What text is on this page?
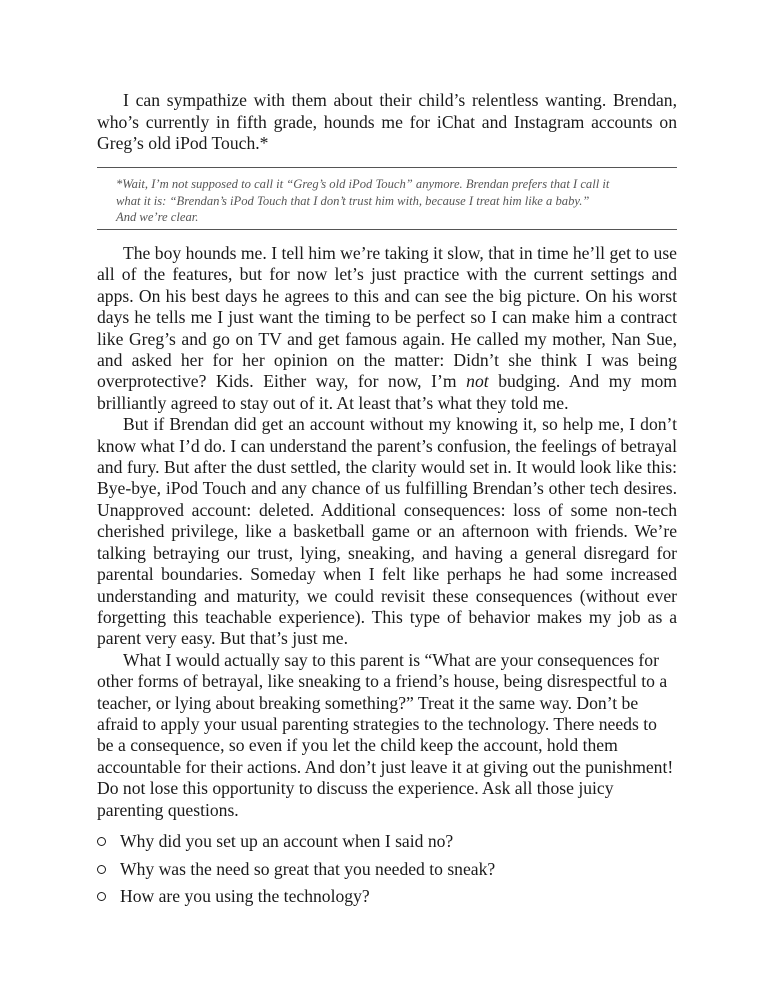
I can sympathize with them about their child’s relentless wanting. Brendan, who’s currently in fifth grade, hounds me for iChat and Instagram accounts on Greg’s old iPod Touch.*

*Wait, I’m not supposed to call it “Greg’s old iPod Touch” anymore. Brendan prefers that I call it
what it is: “Brendan’s iPod Touch that I don’t trust him with, because I treat him like a baby.”
And we’re clear.

The boy hounds me. I tell him we’re taking it slow, that in time he’ll get to use all of the features, but for now let’s just practice with the current settings and apps. On his best days he agrees to this and can see the big picture. On his worst days he tells me I just want the timing to be perfect so I can make him a contract like Greg’s and go on TV and get famous again. He called my mother, Nan Sue, and asked her for her opinion on the matter: Didn’t she think I was being overprotective? Kids. Either way, for now, I’m not budging. And my mom brilliantly agreed to stay out of it. At least that’s what they told me.

But if Brendan did get an account without my knowing it, so help me, I don’t know what I’d do. I can understand the parent’s confusion, the feelings of betrayal and fury. But after the dust settled, the clarity would set in. It would look like this: Bye-bye, iPod Touch and any chance of us fulfilling Brendan’s other tech desires. Unapproved account: deleted. Additional consequences: loss of some non-tech cherished privilege, like a basketball game or an afternoon with friends. We’re talking betraying our trust, lying, sneaking, and having a general disregard for parental boundaries. Someday when I felt like perhaps he had some increased understanding and maturity, we could revisit these consequences (without ever forgetting this teachable experience). This type of behavior makes my job as a parent very easy. But that’s just me.

What I would actually say to this parent is “What are your consequences for other forms of betrayal, like sneaking to a friend’s house, being disrespectful to a teacher, or lying about breaking something?” Treat it the same way. Don’t be afraid to apply your usual parenting strategies to the technology. There needs to be a consequence, so even if you let the child keep the account, hold them accountable for their actions. And don’t just leave it at giving out the punishment! Do not lose this opportunity to discuss the experience. Ask all those juicy parenting questions.

Why did you set up an account when I said no?
Why was the need so great that you needed to sneak?
How are you using the technology?
